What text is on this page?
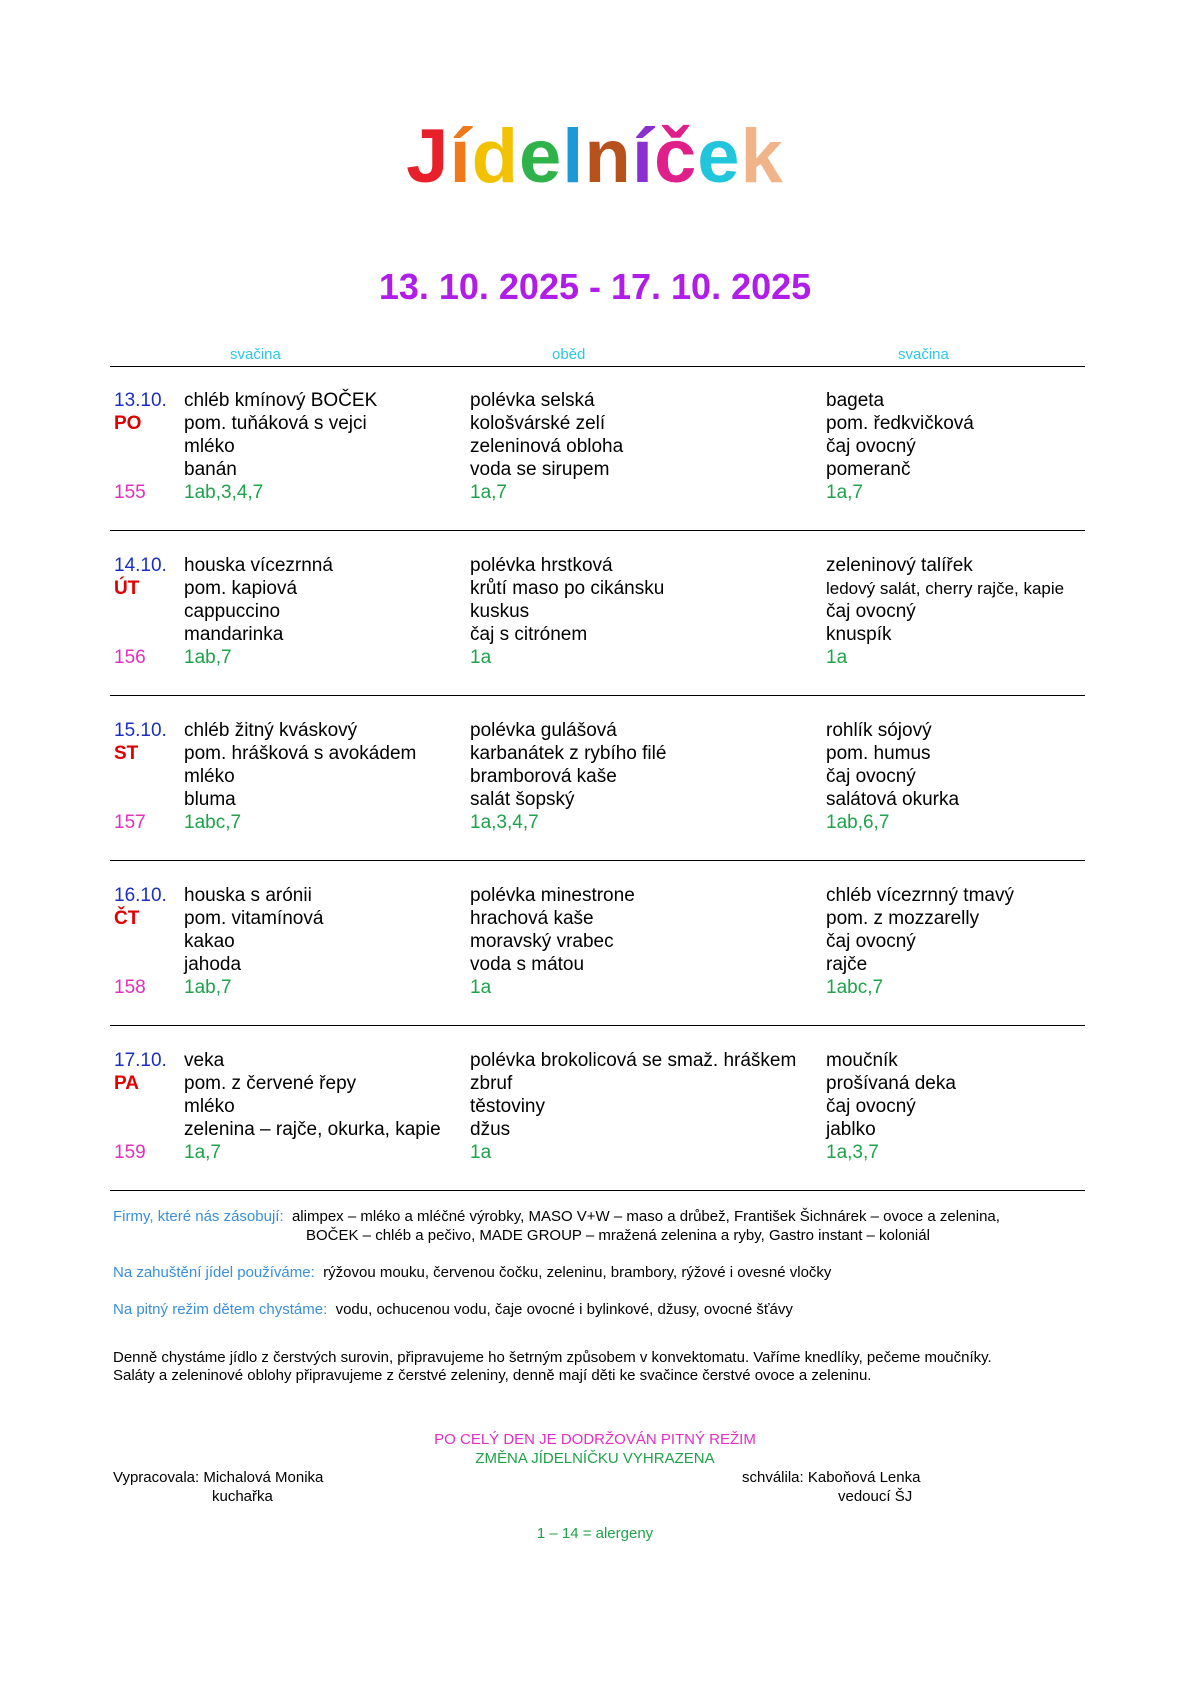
Jídelníček
13. 10. 2025 - 17. 10. 2025
svačina	oběd	svačina
13.10.
PO
155
chléb kmínový BOČEK
pom. tuňáková s vejci
mléko
banán
1ab,3,4,7
polévka selská
kološvárské zelí
zeleninová obloha
voda se sirupem
1a,7
bageta
pom. ředkvičková
čaj ovocný
pomeranč
1a,7
14.10.
ÚT
156
houska vícezrnná
pom. kapiová
cappuccino
mandarinka
1ab,7
polévka hrstková
krůtí maso po cikánsku
kuskus
čaj s citrónem
1a
zeleninový talířek
ledový salát, cherry rajče, kapie
čaj ovocný
knuspík
1a
15.10.
ST
157
chléb žitný kváskový
pom. hrášková s avokádem
mléko
bluma
1abc,7
polévka gulášová
karbanátek z rybího filé
bramborová kaše
salát šopský
1a,3,4,7
rohlík sójový
pom. humus
čaj ovocný
salátová okurka
1ab,6,7
16.10.
ČT
158
houska s arónii
pom. vitamínová
kakao
jahoda
1ab,7
polévka minestrone
hrachová kaše
moravský vrabec
voda s mátou
1a
chléb vícezrnný tmavý
pom. z mozzarelly
čaj ovocný
rajče
1abc,7
17.10.
PA
159
veka
pom. z červené řepy
mléko
zelenina – rajče, okurka, kapie
1a,7
polévka brokolicová se smaž. hráškem
zbruf
těstoviny
džus
1a
moučník
prošívaná deka
čaj ovocný
jablko
1a,3,7
Firmy, které nás zásobují: alimpex – mléko a mléčné výrobky, MASO V+W – maso a drůbež, František Šichnárek – ovoce a zelenina,
BOČEK – chléb a pečivo, MADE GROUP – mražená zelenina a ryby, Gastro instant – koloniál
Na zahuštění jídel používáme: rýžovou mouku, červenou čočku, zeleninu, brambory, rýžové i ovesné vločky
Na pitný režim dětem chystáme: vodu, ochucenou vodu, čaje ovocné i bylinkové, džusy, ovocné šťávy
Denně chystáme jídlo z čerstvých surovin, připravujeme ho šetrným způsobem v konvektomatu. Vaříme knedlíky, pečeme moučníky.
Saláty a zeleninové oblohy připravujeme z čerstvé zeleniny, denně mají děti ke svačince čerstvé ovoce a zeleninu.
PO CELÝ DEN JE DODRŽOVÁN PITNÝ REŽIM
ZMĚNA JÍDELNÍČKU VYHRAZENA
Vypracovala: Michalová Monika
kuchařka
schválila: Kaboňová Lenka
vedoucí ŠJ
1 – 14 = alergeny
